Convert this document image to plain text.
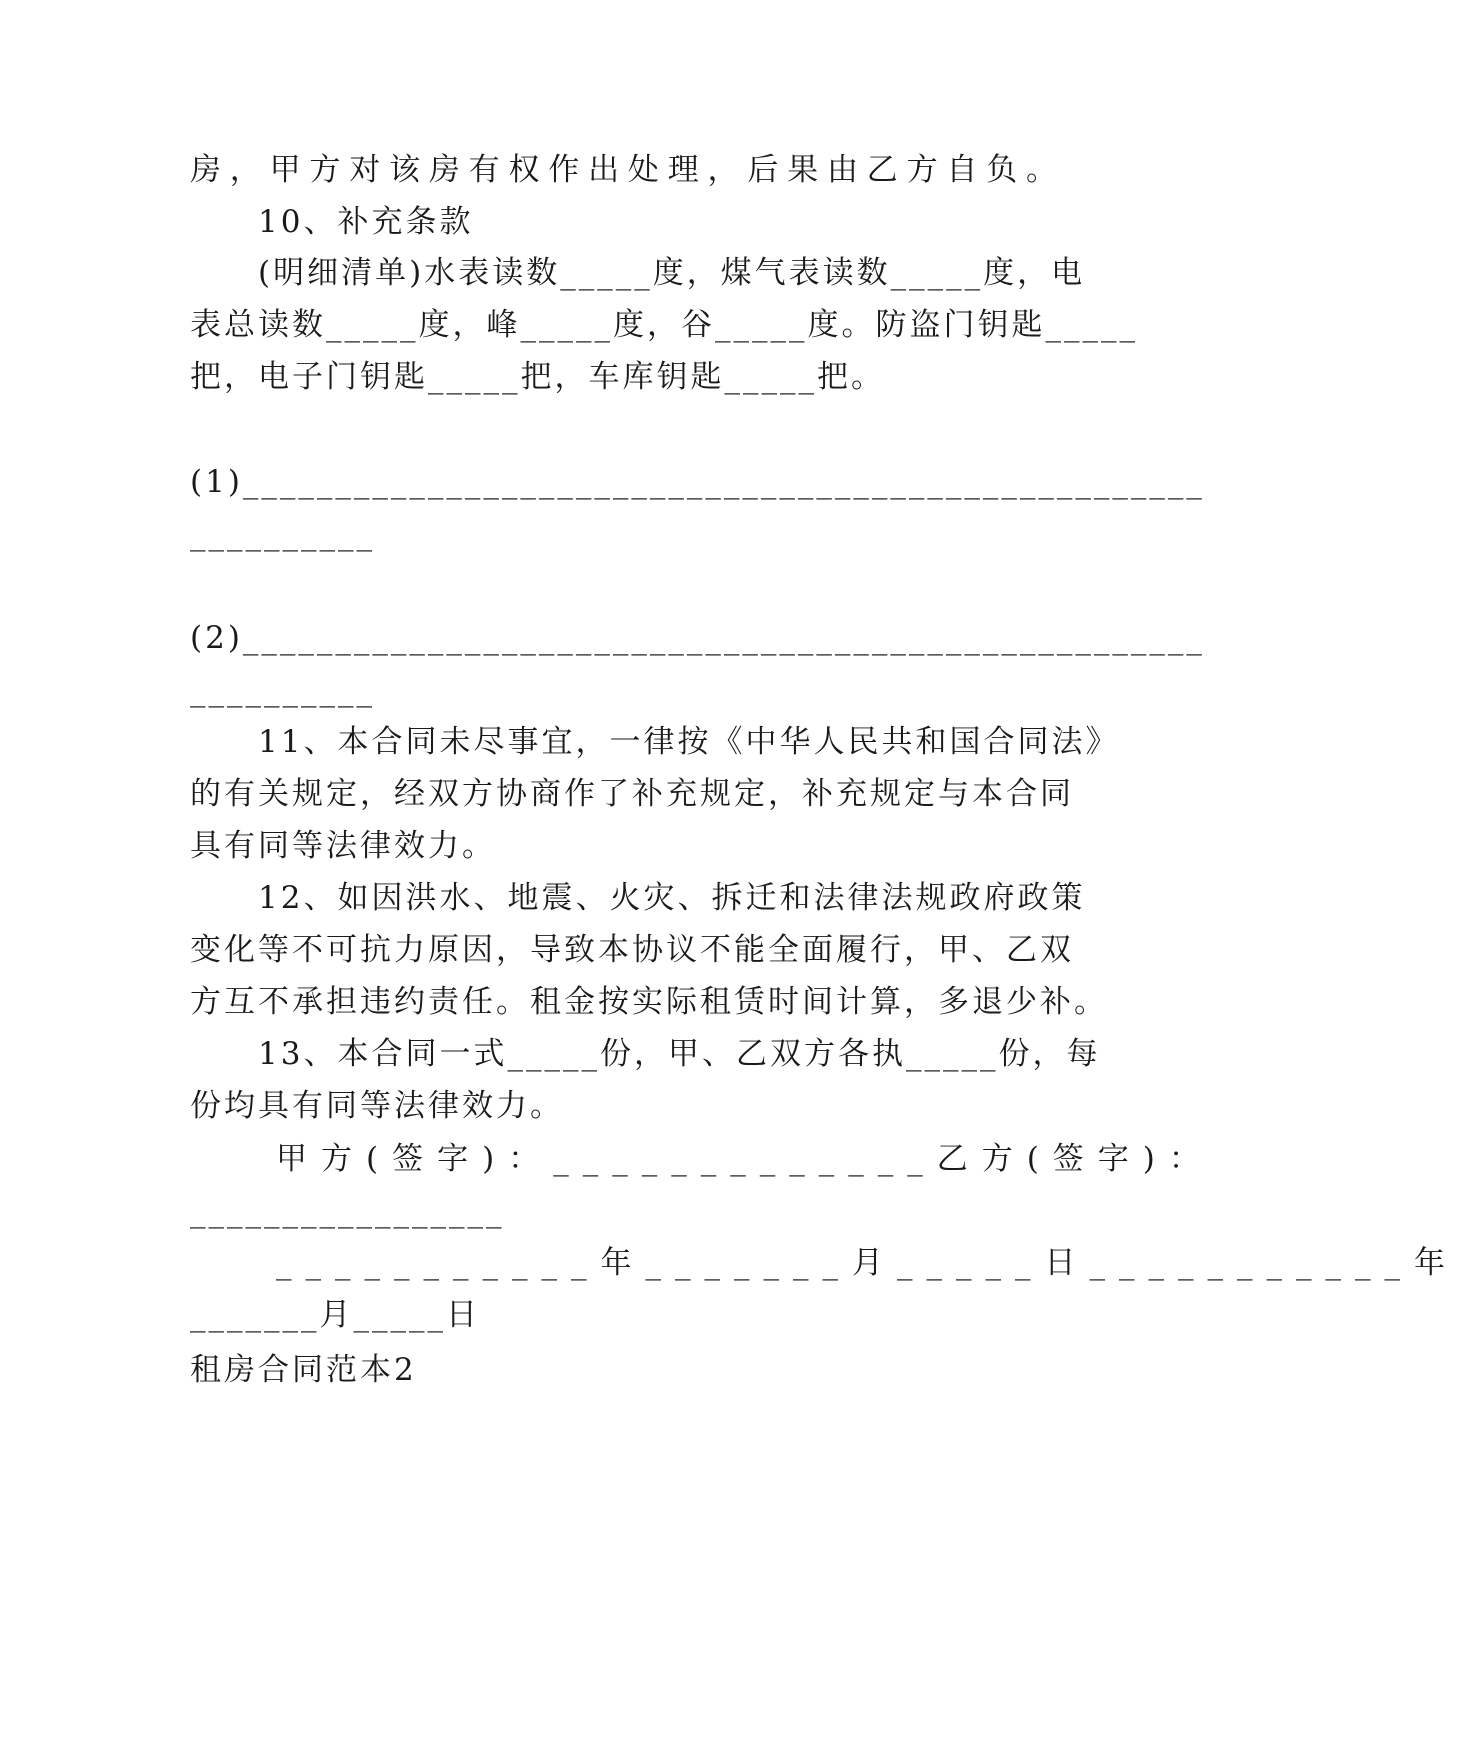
房，甲方对该房有权作出处理，后果由乙方自负。
10、补充条款
(明细清单)水表读数_____度，煤气表读数_____度，电
表总读数_____度，峰_____度，谷_____度。防盗门钥匙_____
把，电子门钥匙_____把，车库钥匙_____把。
(1)____________________________________________________
__________
(2)____________________________________________________
__________
11、本合同未尽事宜，一律按《中华人民共和国合同法》
的有关规定，经双方协商作了补充规定，补充规定与本合同
具有同等法律效力。
12、如因洪水、地震、火灾、拆迁和法律法规政府政策
变化等不可抗力原因，导致本协议不能全面履行，甲、乙双
方互不承担违约责任。租金按实际租赁时间计算，多退少补。
13、本合同一式_____份，甲、乙双方各执_____份，每
份均具有同等法律效力。
甲方(签字)：_____________乙方(签字)：
_________________
___________年_______月_____日___________年
_______月_____日
租房合同范本2
